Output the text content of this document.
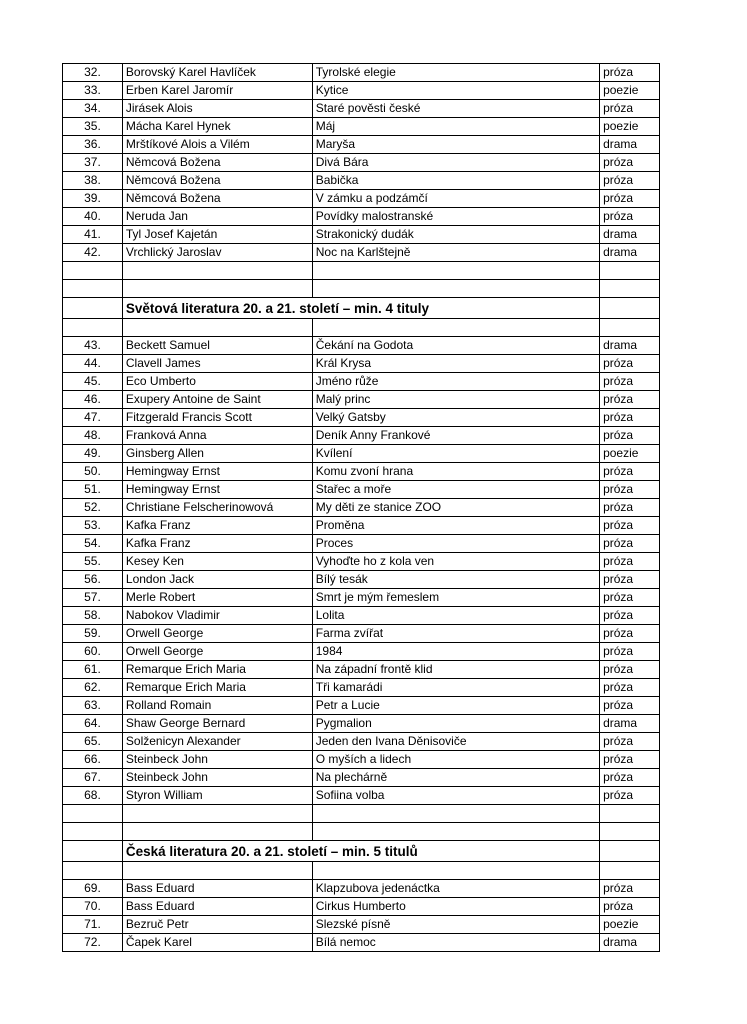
32.	Borovský Karel Havlíček	Tyrolské elegie	próza
33.	Erben Karel Jaromír	Kytice	poezie
34.	Jirásek Alois	Staré pověsti české	próza
35.	Mácha Karel Hynek	Máj	poezie
36.	Mrštíkové Alois a Vilém	Maryša	drama
37.	Němcová Božena	Divá Bára	próza
38.	Němcová Božena	Babička	próza
39.	Němcová Božena	V zámku a podzámčí	próza
40.	Neruda Jan	Povídky malostranské	próza
41.	Tyl Josef Kajetán	Strakonický dudák	drama
42.	Vrchlický Jaroslav	Noc na Karlštejně	drama

	Světová literatura 20. a 21. století – min. 4 tituly		

43.	Beckett Samuel	Čekání na Godota	drama
44.	Clavell James	Král Krysa	próza
45.	Eco Umberto	Jméno růže	próza
46.	Exupery Antoine de Saint	Malý princ	próza
47.	Fitzgerald Francis Scott	Velký Gatsby	próza
48.	Franková Anna	Deník Anny Frankové	próza
49.	Ginsberg Allen	Kvílení	poezie
50.	Hemingway Ernst	Komu zvoní hrana	próza
51.	Hemingway Ernst	Stařec a moře	próza
52.	Christiane Felscherinowová	My děti ze stanice ZOO	próza
53.	Kafka Franz	Proměna	próza
54.	Kafka Franz	Proces	próza
55.	Kesey Ken	Vyhoďte ho z kola ven	próza
56.	London Jack	Bílý tesák	próza
57.	Merle Robert	Smrt je mým řemeslem	próza
58.	Nabokov Vladimir	Lolita	próza
59.	Orwell George	Farma zvířat	próza
60.	Orwell George	1984	próza
61.	Remarque Erich Maria	Na západní frontě klid	próza
62.	Remarque Erich Maria	Tři kamarádi	próza
63.	Rolland Romain	Petr a Lucie	próza
64.	Shaw George Bernard	Pygmalion	drama
65.	Solženicyn Alexander	Jeden den Ivana Děnisoviče	próza
66.	Steinbeck John	O myších a lidech	próza
67.	Steinbeck John	Na plechárně	próza
68.	Styron William	Sofiina volba	próza

	Česká literatura 20. a 21. století – min. 5 titulů		

69.	Bass Eduard	Klapzubova jedenáctka	próza
70.	Bass Eduard	Cirkus Humberto	próza
71.	Bezruč Petr	Slezské písně	poezie
72.	Čapek Karel	Bílá nemoc	drama
